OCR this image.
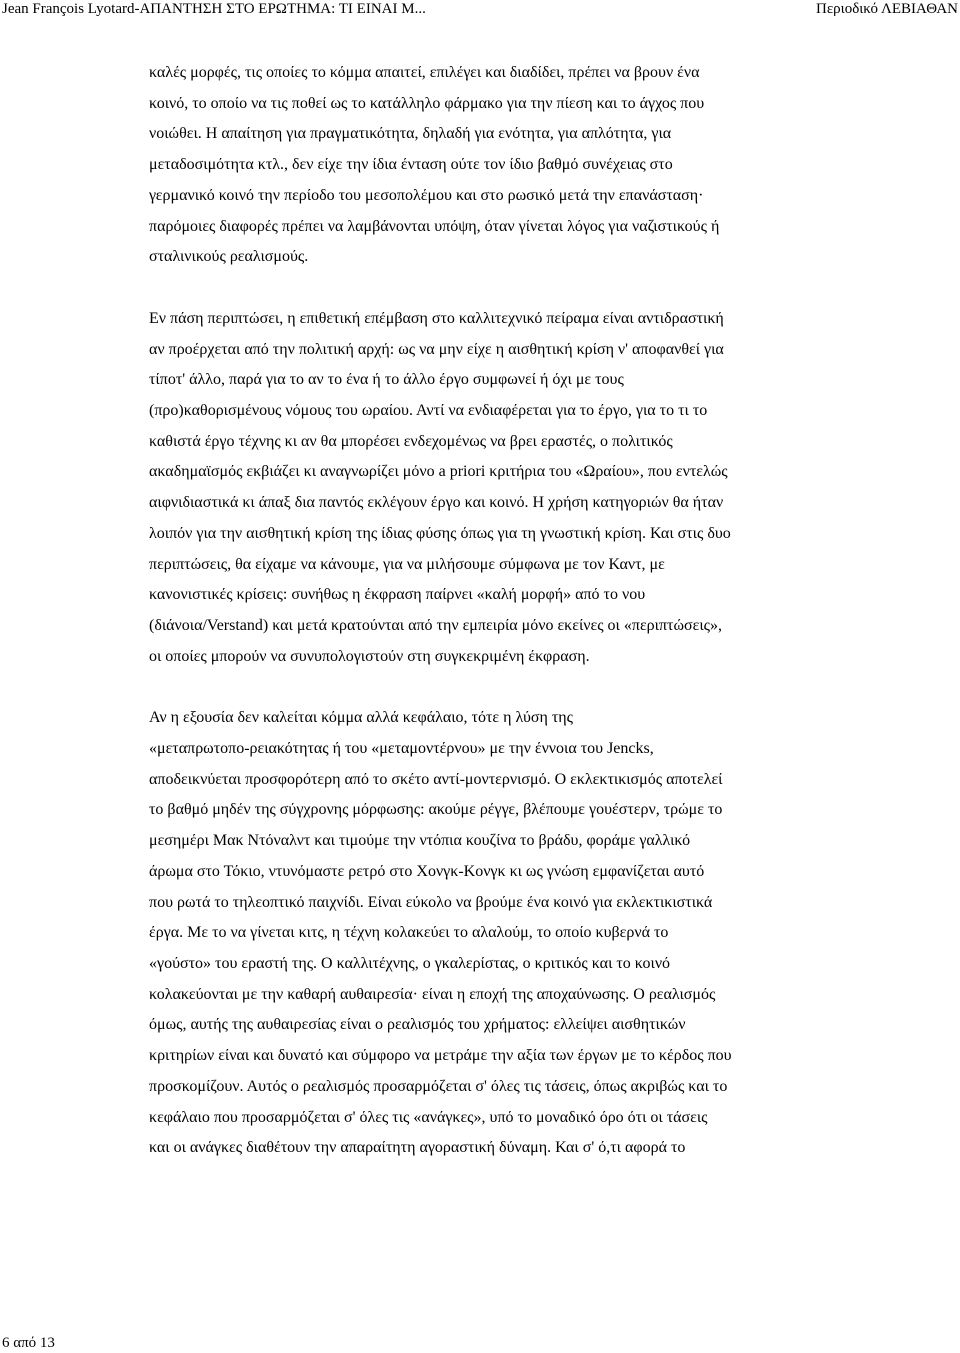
Jean François Lyotard-ΑΠΑΝΤΗΣΗ ΣΤΟ ΕΡΩΤΗΜΑ: ΤΙ ΕΙΝΑΙ Μ...	Περιοδικό ΛΕΒΙΑΘΑΝ

καλές μορφές, τις οποίες το κόμμα απαιτεί, επιλέγει και διαδίδει, πρέπει να βρουν ένα
κοινό, το οποίο να τις ποθεί ως το κατάλληλο φάρμακο για την πίεση και το άγχος που
νοιώθει. Η απαίτηση για πραγματικότητα, δηλαδή για ενότητα, για απλότητα, για
μεταδοσιμότητα κτλ., δεν είχε την ίδια ένταση ούτε τον ίδιο βαθμό συνέχειας στο
γερμανικό κοινό την περίοδο του μεσοπολέμου και στο ρωσικό μετά την επανάσταση·
παρόμοιες διαφορές πρέπει να λαμβάνονται υπόψη, όταν γίνεται λόγος για ναζιστικούς ή
σταλινικούς ρεαλισμούς.

Εν πάση περιπτώσει, η επιθετική επέμβαση στο καλλιτεχνικό πείραμα είναι αντιδραστική
αν προέρχεται από την πολιτική αρχή: ως να μην είχε η αισθητική κρίση ν' αποφανθεί για
τίποτ' άλλο, παρά για το αν το ένα ή το άλλο έργο συμφωνεί ή όχι με τους
(προ)καθορισμένους νόμους του ωραίου. Αντί να ενδιαφέρεται για το έργο, για το τι το
καθιστά έργο τέχνης κι αν θα μπορέσει ενδεχομένως να βρει εραστές, ο πολιτικός
ακαδημαϊσμός εκβιάζει κι αναγνωρίζει μόνο a priori κριτήρια του «Ωραίου», που εντελώς
αιφνιδιαστικά κι άπαξ δια παντός εκλέγουν έργο και κοινό. Η χρήση κατηγοριών θα ήταν
λοιπόν για την αισθητική κρίση της ίδιας φύσης όπως για τη γνωστική κρίση. Και στις δυο
περιπτώσεις, θα είχαμε να κάνουμε, για να μιλήσουμε σύμφωνα με τον Καντ, με
κανονιστικές κρίσεις: συνήθως η έκφραση παίρνει «καλή μορφή» από το νου
(διάνοια/Verstand) και μετά κρατούνται από την εμπειρία μόνο εκείνες οι «περιπτώσεις»,
οι οποίες μπορούν να συνυπολογιστούν στη συγκεκριμένη έκφραση.

Αν η εξουσία δεν καλείται κόμμα αλλά κεφάλαιο, τότε η λύση της
«μεταπρωτοπο-ρειακότητας ή του «μεταμοντέρνου» με την έννοια του Jencks,
αποδεικνύεται προσφορότερη από το σκέτο αντί-μοντερνισμό. Ο εκλεκτικισμός αποτελεί
το βαθμό μηδέν της σύγχρονης μόρφωσης: ακούμε ρέγγε, βλέπουμε γουέστερν, τρώμε το
μεσημέρι Μακ Ντόναλντ και τιμούμε την ντόπια κουζίνα το βράδυ, φοράμε γαλλικό
άρωμα στο Τόκιο, ντυνόμαστε ρετρό στο Χονγκ-Κονγκ κι ως γνώση εμφανίζεται αυτό
που ρωτά το τηλεοπτικό παιχνίδι. Είναι εύκολο να βρούμε ένα κοινό για εκλεκτικιστικά
έργα. Με το να γίνεται κιτς, η τέχνη κολακεύει το αλαλούμ, το οποίο κυβερνά το
«γούστο» του εραστή της. Ο καλλιτέχνης, ο γκαλερίστας, ο κριτικός και το κοινό
κολακεύονται με την καθαρή αυθαιρεσία· είναι η εποχή της αποχαύνωσης. Ο ρεαλισμός
όμως, αυτής της αυθαιρεσίας είναι ο ρεαλισμός του χρήματος: ελλείψει αισθητικών
κριτηρίων είναι και δυνατό και σύμφορο να μετράμε την αξία των έργων με το κέρδος που
προσκομίζουν. Αυτός ο ρεαλισμός προσαρμόζεται σ' όλες τις τάσεις, όπως ακριβώς και το
κεφάλαιο που προσαρμόζεται σ' όλες τις «ανάγκες», υπό το μοναδικό όρο ότι οι τάσεις
και οι ανάγκες διαθέτουν την απαραίτητη αγοραστική δύναμη. Και σ' ό,τι αφορά το

6 από 13
